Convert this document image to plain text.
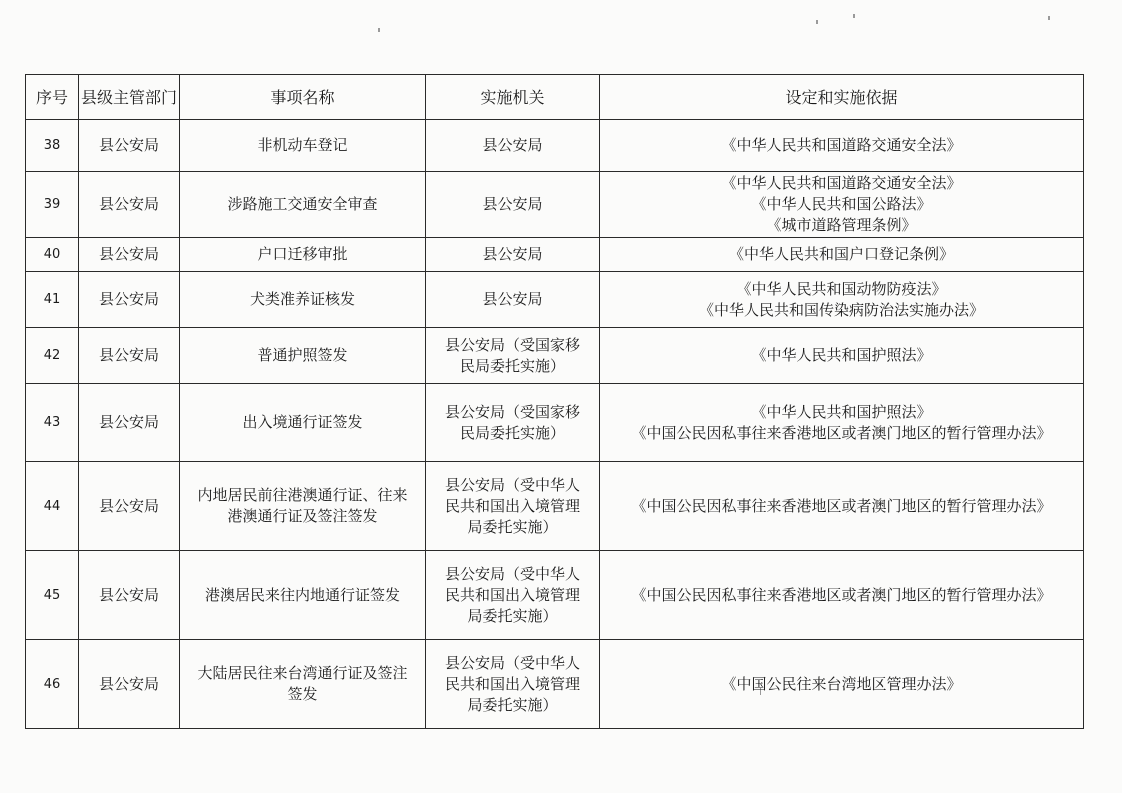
序号	县级主管部门	事项名称	实施机关	设定和实施依据
38	县公安局	非机动车登记	县公安局	《中华人民共和国道路交通安全法》
39	县公安局	涉路施工交通安全审查	县公安局	《中华人民共和国道路交通安全法》
《中华人民共和国公路法》
《城市道路管理条例》
40	县公安局	户口迁移审批	县公安局	《中华人民共和国户口登记条例》
41	县公安局	犬类准养证核发	县公安局	《中华人民共和国动物防疫法》
《中华人民共和国传染病防治法实施办法》
42	县公安局	普通护照签发	县公安局（受国家移
民局委托实施）	《中华人民共和国护照法》
43	县公安局	出入境通行证签发	县公安局（受国家移
民局委托实施）	《中华人民共和国护照法》
《中国公民因私事往来香港地区或者澳门地区的暂行管理办法》
44	县公安局	内地居民前往港澳通行证、往来
港澳通行证及签注签发	县公安局（受中华人
民共和国出入境管理
局委托实施）	《中国公民因私事往来香港地区或者澳门地区的暂行管理办法》
45	县公安局	港澳居民来往内地通行证签发	县公安局（受中华人
民共和国出入境管理
局委托实施）	《中国公民因私事往来香港地区或者澳门地区的暂行管理办法》
46	县公安局	大陆居民往来台湾通行证及签注
签发	县公安局（受中华人
民共和国出入境管理
局委托实施）	《中国公民往来台湾地区管理办法》
